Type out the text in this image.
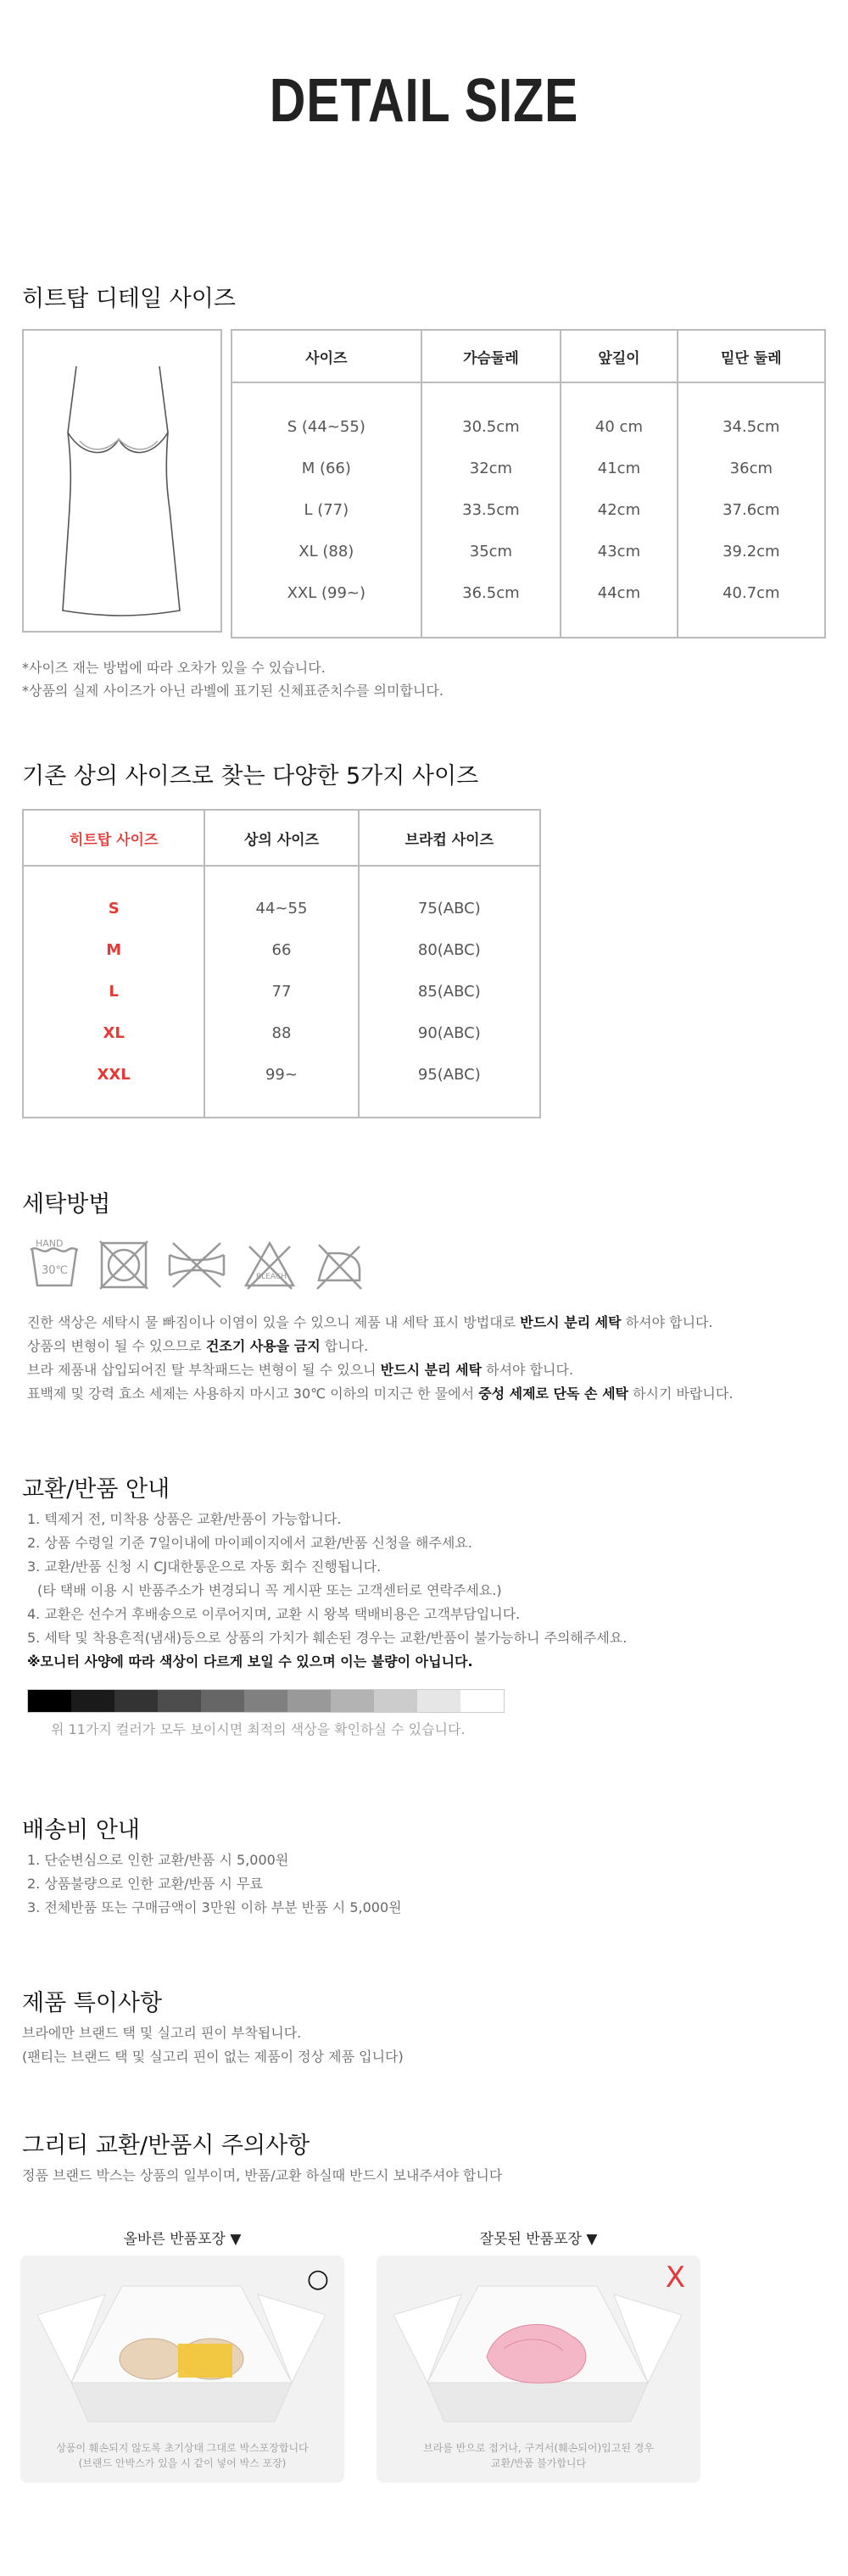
DETAIL SIZE
히트탑 디테일 사이즈
사이즈	가슴둘레	앞길이	밑단 둘레

S (44~55)	30.5cm	40 cm	34.5cm
M (66)	32cm	41cm	36cm
L (77)	33.5cm	42cm	37.6cm
XL (88)	35cm	43cm	39.2cm
XXL (99~)	36.5cm	44cm	40.7cm

*사이즈 재는 방법에 따라 오차가 있을 수 있습니다.
*상품의 실제 사이즈가 아닌 라벨에 표기된 신체표준치수를 의미합니다.
기존 상의 사이즈로 찾는 다양한 5가지 사이즈
히트탑 사이즈	상의 사이즈	브라컵 사이즈

S	44~55	75(ABC)
M	66	80(ABC)
L	77	85(ABC)
XL	88	90(ABC)
XXL	99~	95(ABC)

세탁방법
HAND
30℃	BLEACH
진한 색상은 세탁시 물 빠짐이나 이염이 있을 수 있으니 제품 내 세탁 표시 방법대로 반드시 분리 세탁 하셔야 합니다.
상품의 변형이 될 수 있으므로 건조기 사용을 금지 합니다.
브라 제품내 삽입되어진 탈 부착패드는 변형이 될 수 있으니 반드시 분리 세탁 하셔야 합니다.
표백제 및 강력 효소 세제는 사용하지 마시고 30℃ 이하의 미지근 한 물에서 중성 세제로 단독 손 세탁 하시기 바랍니다.
교환/반품 안내
1. 텍제거 전, 미착용 상품은 교환/반품이 가능합니다.
2. 상품 수령일 기준 7일이내에 마이페이지에서 교환/반품 신청을 해주세요.
3. 교환/반품 신청 시 CJ대한통운으로 자동 회수 진행됩니다.
(타 택배 이용 시 반품주소가 변경되니 꼭 게시판 또는 고객센터로 연락주세요.)
4. 교환은 선수거 후배송으로 이루어지며, 교환 시 왕복 택배비용은 고객부담입니다.
5. 세탁 및 착용흔적(냄새)등으로 상품의 가치가 훼손된 경우는 교환/반품이 불가능하니 주의해주세요.
※모니터 사양에 따라 색상이 다르게 보일 수 있으며 이는 불량이 아닙니다.
위 11가지 컬러가 모두 보이시면 최적의 색상을 확인하실 수 있습니다.
배송비 안내
1. 단순변심으로 인한 교환/반품 시 5,000원
2. 상품불량으로 인한 교환/반품 시 무료
3. 전체반품 또는 구매금액이 3만원 이하 부분 반품 시 5,000원
제품 특이사항
브라에만 브랜드 택 및 실고리 핀이 부착됩니다.
(팬티는 브랜드 택 및 실고리 핀이 없는 제품이 정상 제품 입니다)
그리티 교환/반품시 주의사항
정품 브랜드 박스는 상품의 일부이며, 반품/교환 하실때 반드시 보내주셔야 합니다
올바른 반품포장 ▼	잘못된 반품포장 ▼
○
상품이 훼손되지 않도록 초기상태 그대로 박스포장합니다
(브랜드 안박스가 있을 시 같이 넣어 박스 포장)
X
브라를 반으로 접거나, 구겨서(훼손되어)입고된 경우
교환/반품 불가합니다
